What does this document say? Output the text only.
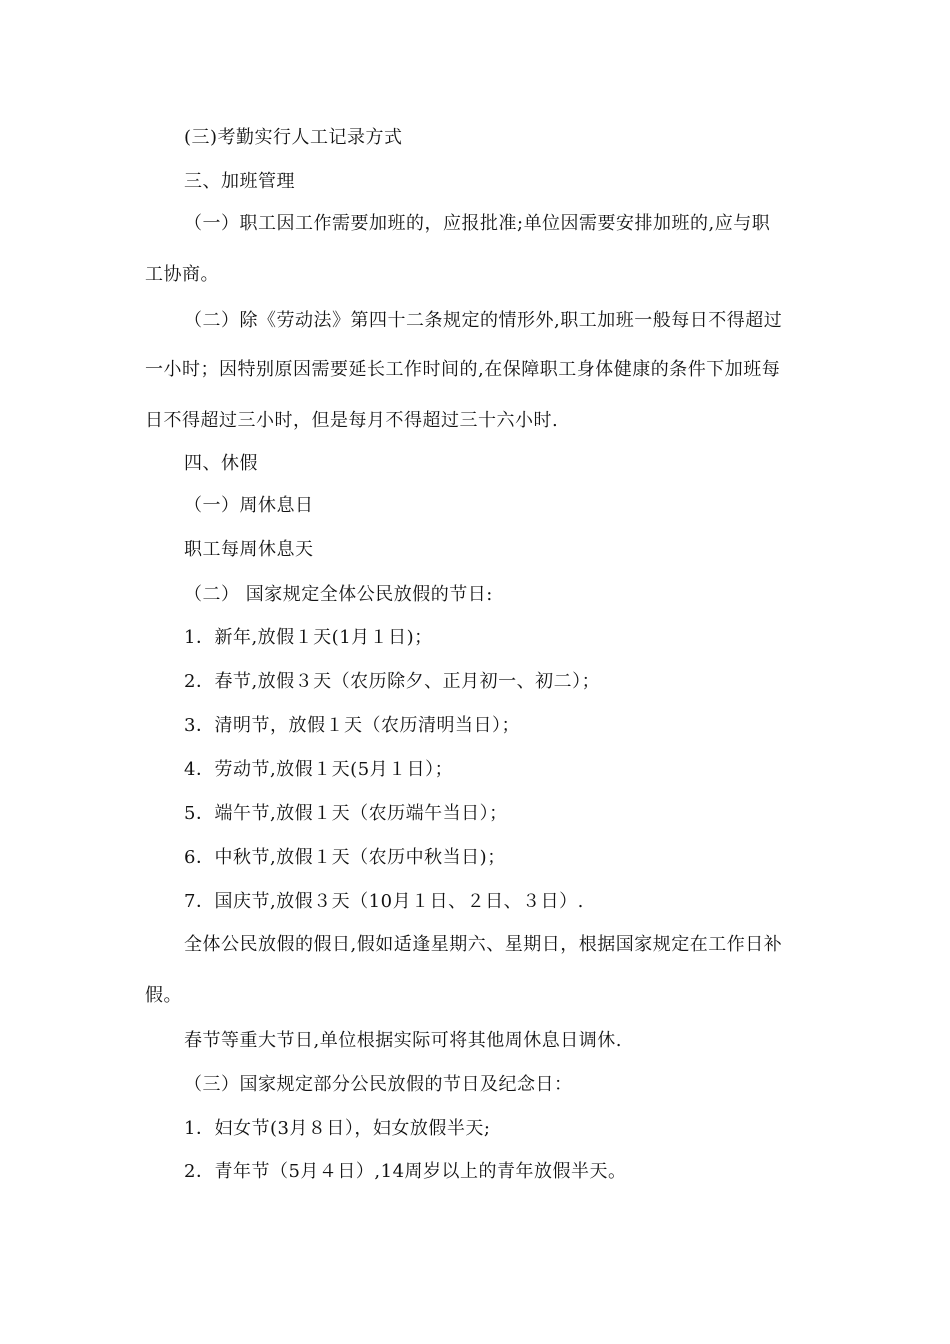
(三)考勤实行人工记录方式
三、加班管理
（一）职工因工作需要加班的，应报批准;单位因需要安排加班的,应与职
工协商。
（二）除《劳动法》第四十二条规定的情形外,职工加班一般每日不得超过
一小时；因特别原因需要延长工作时间的,在保障职工身体健康的条件下加班每
日不得超过三小时，但是每月不得超过三十六小时.
四、休假
（一）周休息日
职工每周休息天
（二） 国家规定全体公民放假的节日:
1．新年,放假１天(1月１日)；
2．春节,放假３天（农历除夕、正月初一、初二）；
3．清明节，放假１天（农历清明当日）；
4．劳动节,放假１天(5月１日）；
5．端午节,放假１天（农历端午当日）；
6．中秋节,放假１天（农历中秋当日)；
7．国庆节,放假３天（10月１日、２日、３日）.
全体公民放假的假日,假如适逢星期六、星期日，根据国家规定在工作日补
假。
春节等重大节日,单位根据实际可将其他周休息日调休.
（三）国家规定部分公民放假的节日及纪念日：
1．妇女节(3月８日），妇女放假半天;
2．青年节（5月４日）,14周岁以上的青年放假半天。
